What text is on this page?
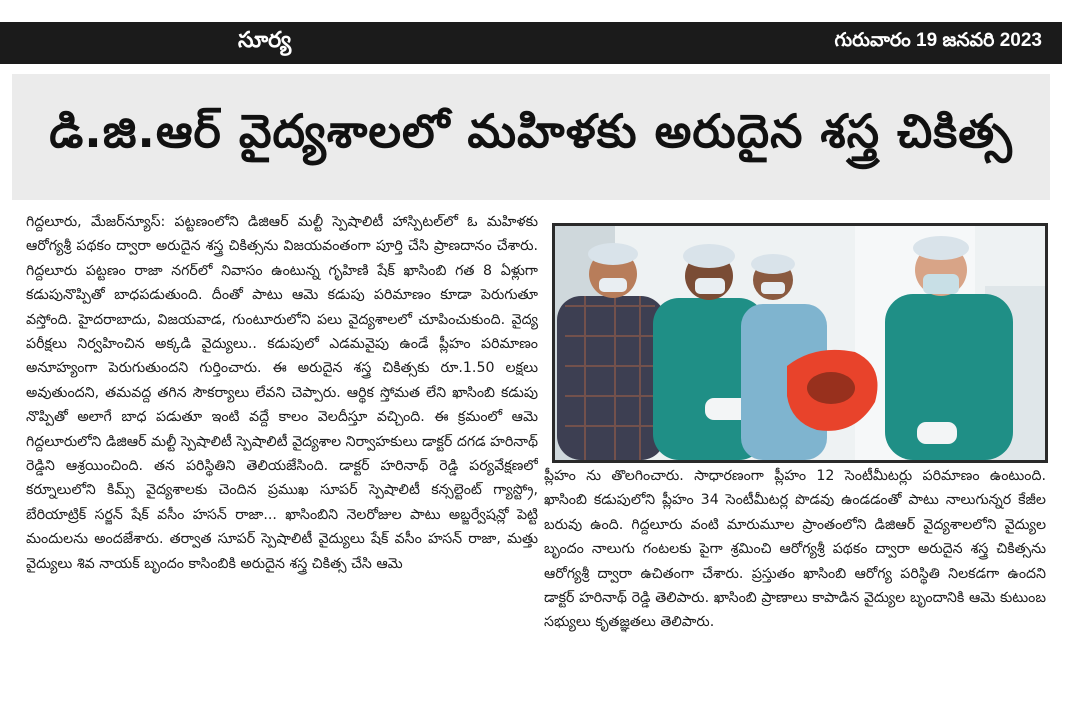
సూర్య	గురువారం 19 జనవరి 2023
డి.జి.ఆర్ వైద్యశాలలో మహిళకు అరుదైన శస్త్ర చికిత్స

గిద్దలూరు, మేజర్‌న్యూస్: పట్టణంలోని డిజిఆర్ మల్టీ స్పెషాలిటీ హాస్పిటల్‌లో ఓ మహిళకు ఆరోగ్యశ్రీ పథకం ద్వారా అరుదైన శస్త్ర చికిత్సను విజయవంతంగా పూర్తి చేసి ప్రాణదానం చేశారు. గిద్దలూరు పట్టణం రాజా నగర్‌లో నివాసం ఉంటున్న గృహిణి షేక్ ఖాసింబి గత 8 ఏళ్లుగా కడుపునొప్పితో బాధపడుతుంది. దీంతో పాటు ఆమె కడుపు పరిమాణం కూడా పెరుగుతూ వస్తోంది. హైదరాబాదు, విజయవాడ, గుంటూరులోని పలు వైద్యశాలలో చూపించుకుంది. వైద్య పరీక్షలు నిర్వహించిన అక్కడి వైద్యులు.. కడుపులో ఎడమవైపు ఉండే ప్లీహం పరిమాణం అనూహ్యంగా పెరుగుతుందని గుర్తించారు. ఈ అరుదైన శస్త్ర చికిత్సకు రూ.1.50 లక్షలు అవుతుందని, తమవద్ద తగిన సౌకర్యాలు లేవని చెప్పారు. ఆర్థిక స్తోమత లేని ఖాసింబి కడుపు నొప్పితో అలాగే బాధ పడుతూ ఇంటి వద్దే కాలం వెలదీస్తూ వచ్చింది. ఈ క్రమంలో ఆమె గిద్దలూరులోని డిజిఆర్ మల్టీ స్పెషాలిటీ స్పెషాలిటీ వైద్యశాల నిర్వాహకులు డాక్టర్ దగడ హరినాథ్ రెడ్డిని ఆశ్రయించింది. తన పరిస్థితిని తెలియజేసింది. డాక్టర్ హరినాథ్ రెడ్డి పర్యవేక్షణలో కర్నూలులోని కిమ్స్ వైద్యశాలకు చెందిన ప్రముఖ సూపర్ స్పెషాలిటీ కన్సల్టెంట్ గ్యాస్ట్రో, బేరియాట్రిక్ సర్జన్ షేక్ వసీం హసన్ రాజా... ఖాసింబిని నెలరోజుల పాటు అబ్జర్వేషన్లో పెట్టి మందులను అందజేశారు. తర్వాత సూపర్ స్పెషాలిటీ వైద్యులు షేక్ వసీం హసన్ రాజా, మత్తు వైద్యులు శివ నాయక్ బృందం కాసింబికి అరుదైన శస్త్ర చికిత్స చేసి ఆమె

ప్లీహం ను తొలగించారు. సాధారణంగా ప్లీహం 12 సెంటీమీటర్లు పరిమాణం ఉంటుంది. ఖాసింబి కడుపులోని ప్లీహం 34 సెంటీమీటర్ల పొడవు ఉండడంతో పాటు నాలుగున్నర కేజీల బరువు ఉంది. గిద్దలూరు వంటి మారుమూల ప్రాంతంలోని డిజిఆర్ వైద్యశాలలోని వైద్యుల బృందం నాలుగు గంటలకు పైగా శ్రమించి ఆరోగ్యశ్రీ పథకం ద్వారా అరుదైన శస్త్ర చికిత్సను ఆరోగ్యశ్రీ ద్వారా ఉచితంగా చేశారు. ప్రస్తుతం ఖాసింబి ఆరోగ్య పరిస్థితి నిలకడగా ఉందని డాక్టర్ హరినాథ్ రెడ్డి తెలిపారు. ఖాసింబి ప్రాణాలు కాపాడిన వైద్యుల బృందానికి ఆమె కుటుంబ సభ్యులు కృతజ్ఞతలు తెలిపారు.
